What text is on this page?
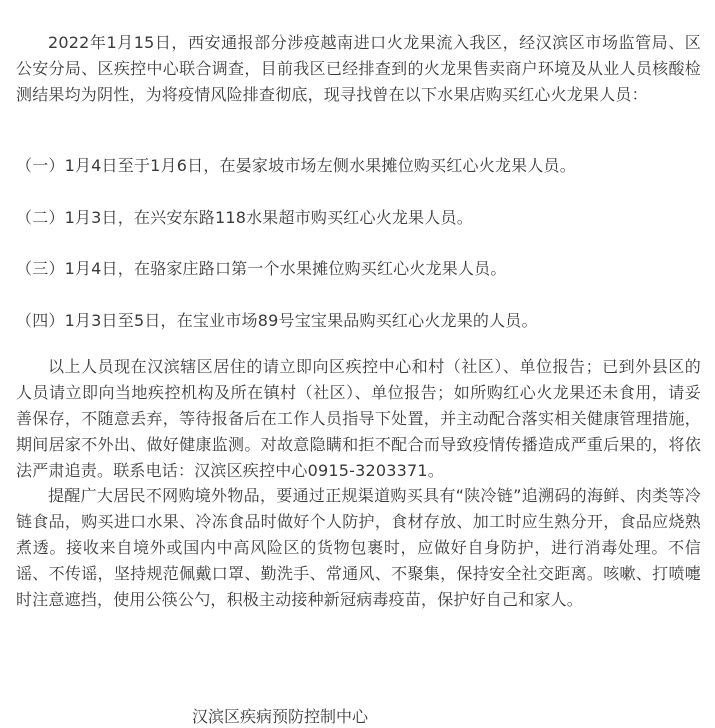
2022年1月15日，西安通报部分涉疫越南进口火龙果流入我区，经汉滨区市场监管局、区公安分局、区疾控中心联合调查，目前我区已经排查到的火龙果售卖商户环境及从业人员核酸检测结果均为阴性，为将疫情风险排查彻底，现寻找曾在以下水果店购买红心火龙果人员：

（一）1月4日至于1月6日，在晏家坡市场左侧水果摊位购买红心火龙果人员。

（二）1月3日，在兴安东路118水果超市购买红心火龙果人员。

（三）1月4日，在骆家庄路口第一个水果摊位购买红心火龙果人员。

（四）1月3日至5日，在宝业市场89号宝宝果品购买红心火龙果的人员。

以上人员现在汉滨辖区居住的请立即向区疾控中心和村（社区）、单位报告；已到外县区的人员请立即向当地疾控机构及所在镇村（社区）、单位报告；如所购红心火龙果还未食用，请妥善保存，不随意丢弃，等待报备后在工作人员指导下处置，并主动配合落实相关健康管理措施，期间居家不外出、做好健康监测。对故意隐瞒和拒不配合而导致疫情传播造成严重后果的，将依法严肃追责。联系电话：汉滨区疾控中心0915-3203371。

提醒广大居民不网购境外物品，要通过正规渠道购买具有“陕冷链”追溯码的海鲜、肉类等冷链食品，购买进口水果、冷冻食品时做好个人防护，食材存放、加工时应生熟分开，食品应烧熟煮透。接收来自境外或国内中高风险区的货物包裹时，应做好自身防护，进行消毒处理。不信谣、不传谣，坚持规范佩戴口罩、勤洗手、常通风、不聚集，保持安全社交距离。咳嗽、打喷嚏时注意遮挡，使用公筷公勺，积极主动接种新冠病毒疫苗，保护好自己和家人。

汉滨区疾病预防控制中心
